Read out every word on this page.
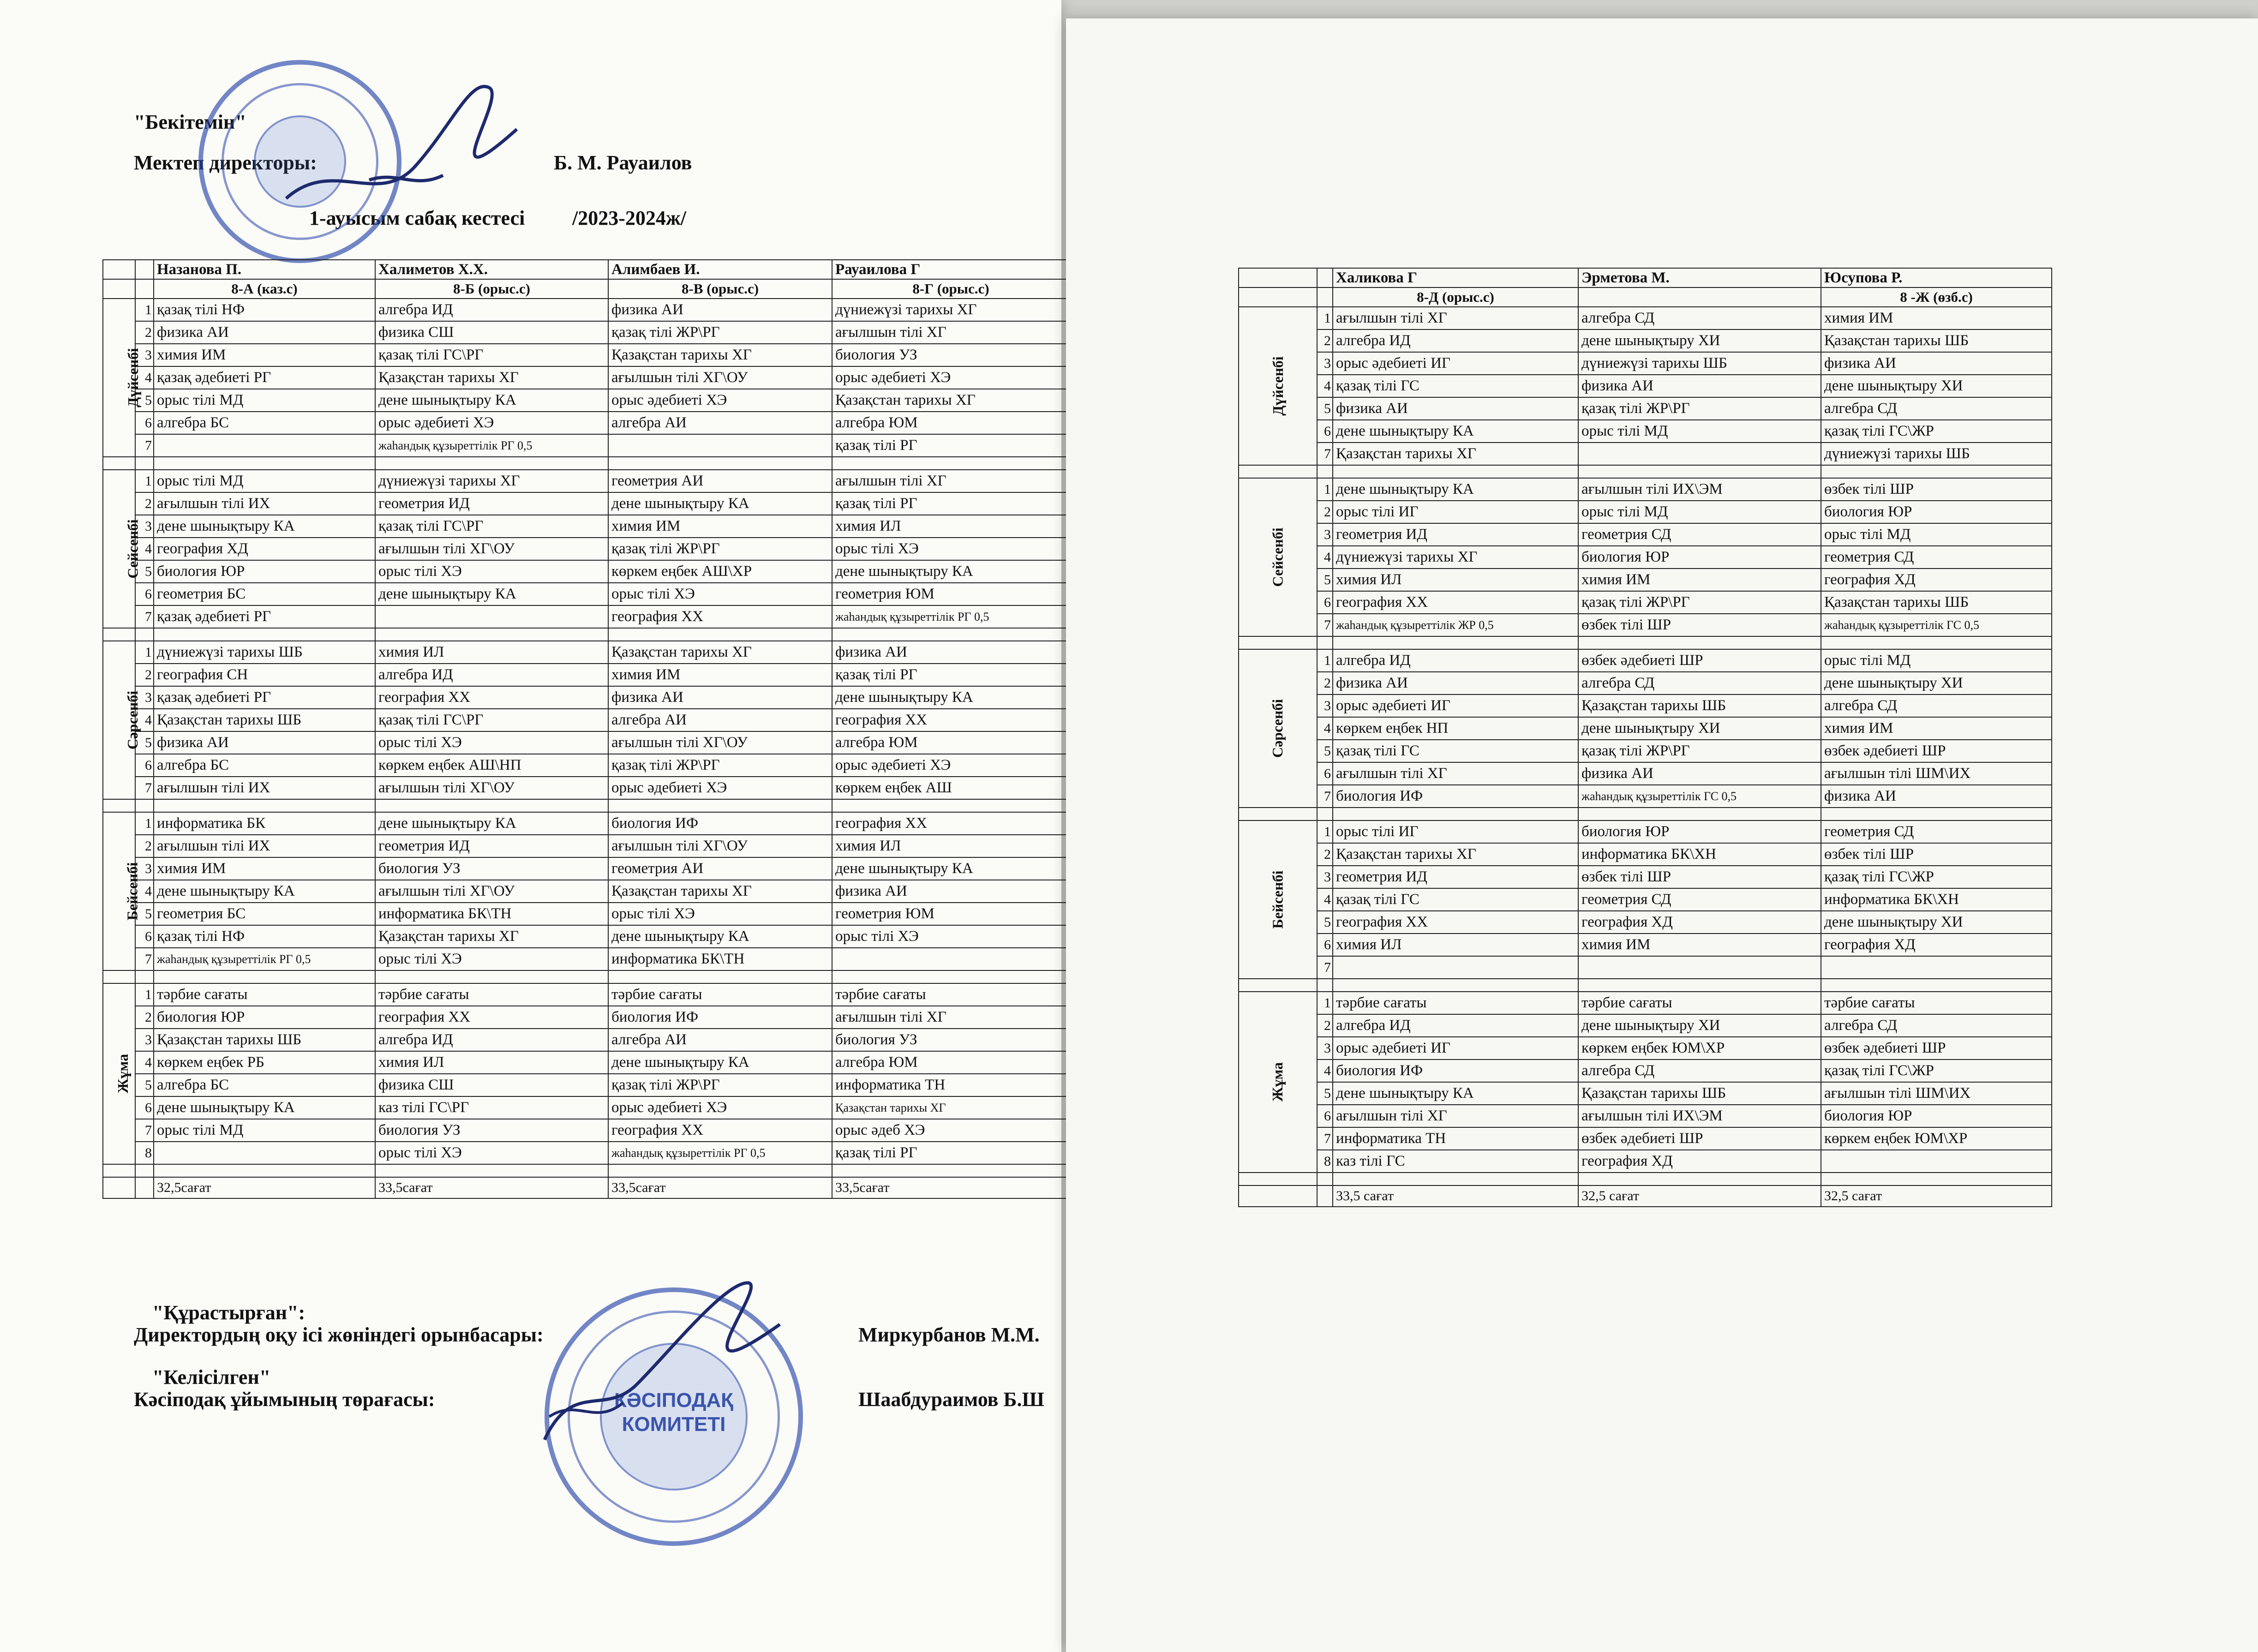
"Бекітемін"
Мектеп директоры:	Б. М. Рауаилов
1-ауысым сабақ кестесі /2023-2024ж/
		Назанова П.	Халиметов Х.Х.	Алимбаев И.	Рауаилова Г
		8-А (каз.с)	8-Б (орыс.с)	8-В (орыс.с)	8-Г (орыс.с)
Дүйсенбі	1	қазақ тілі НФ	алгебра ИД	физика АИ	дүниежүзі тарихы ХГ
	2	физика АИ	физика СШ	қазақ тілі ЖР\РГ	ағылшын тілі ХГ
	3	химия ИМ	қазақ тілі ГС\РГ	Қазақстан тарихы ХГ	биология УЗ
	4	қазақ әдебиеті РГ	Қазақстан тарихы ХГ	ағылшын тілі ХГ\ОУ	орыс әдебиеті ХЭ
	5	орыс тілі МД	дене шынықтыру КА	орыс әдебиеті ХЭ	Қазақстан тарихы ХГ
	6	алгебра БС	орыс әдебиеті ХЭ	алгебра АИ	алгебра ЮМ
	7		жаһандық құзыреттілік РГ 0,5		қазақ тілі РГ

Сейсенбі	1	орыс тілі МД	дүниежүзі тарихы ХГ	геометрия АИ	ағылшын тілі ХГ
	2	ағылшын тілі ИХ	геометрия ИД	дене шынықтыру КА	қазақ тілі РГ
	3	дене шынықтыру КА	қазақ тілі ГС\РГ	химия ИМ	химия ИЛ
	4	география ХД	ағылшын тілі ХГ\ОУ	қазақ тілі ЖР\РГ	орыс тілі ХЭ
	5	биология ЮР	орыс тілі ХЭ	көркем еңбек АШ\ХР	дене шынықтыру КА
	6	геометрия БС	дене шынықтыру КА	орыс тілі ХЭ	геометрия ЮМ
	7	қазақ әдебиеті РГ		география ХХ	жаһандық құзыреттілік РГ 0,5

Сәрсенбі	1	дүниежүзі тарихы ШБ	химия ИЛ	Қазақстан тарихы ХГ	физика АИ
	2	география СН	алгебра ИД	химия ИМ	қазақ тілі РГ
	3	қазақ әдебиеті РГ	география ХХ	физика АИ	дене шынықтыру КА
	4	Қазақстан тарихы ШБ	қазақ тілі ГС\РГ	алгебра АИ	география ХХ
	5	физика АИ	орыс тілі ХЭ	ағылшын тілі ХГ\ОУ	алгебра ЮМ
	6	алгебра БС	көркем еңбек АШ\НП	қазақ тілі ЖР\РГ	орыс әдебиеті ХЭ
	7	ағылшын тілі ИХ	ағылшын тілі ХГ\ОУ	орыс әдебиеті ХЭ	көркем еңбек АШ

Бейсенбі	1	информатика БК	дене шынықтыру КА	биология ИФ	география ХХ
	2	ағылшын тілі ИХ	геометрия ИД	ағылшын тілі ХГ\ОУ	химия ИЛ
	3	химия ИМ	биология УЗ	геометрия АИ	дене шынықтыру КА
	4	дене шынықтыру КА	ағылшын тілі ХГ\ОУ	Қазақстан тарихы ХГ	физика АИ
	5	геометрия БС	информатика БК\ТН	орыс тілі ХЭ	геометрия ЮМ
	6	қазақ тілі НФ	Қазақстан тарихы ХГ	дене шынықтыру КА	орыс тілі ХЭ
	7	жаһандық құзыреттілік РГ 0,5	орыс тілі ХЭ	информатика БК\ТН	

Жұма	1	тәрбие сағаты	тәрбие сағаты	тәрбие сағаты	тәрбие сағаты
	2	биология ЮР	география ХХ	биология ИФ	ағылшын тілі ХГ
	3	Қазақстан тарихы ШБ	алгебра ИД	алгебра АИ	биология УЗ
	4	көркем еңбек РБ	химия ИЛ	дене шынықтыру КА	алгебра ЮМ
	5	алгебра БС	физика СШ	қазақ тілі ЖР\РГ	информатика ТН
	6	дене шынықтыру КА	каз тілі ГС\РГ	орыс әдебиеті ХЭ	Қазақстан тарихы ХГ
	7	орыс тілі МД	биология УЗ	география ХХ	орыс әдеб ХЭ
	8		орыс тілі ХЭ	жаһандық құзыреттілік РГ 0,5	қазақ тілі РГ

		32,5сағат	33,5сағат	33,5сағат	33,5сағат
"Құрастырған":
Директордың оқу ісі жөніндегі орынбасары:	Миркурбанов М.М.
"Келісілген"
Кәсіподақ ұйымының төрағасы:	Шаабдураимов Б.Ш
КӘСІПОДАҚ
КОМИТЕТІ
		Халикова Г	Эрметова М.	Юсупова Р.
		8-Д (орыс.с)		8 -Ж (өзб.с)
Дүйсенбі	1	ағылшын тілі ХГ	алгебра СД	химия ИМ
	2	алгебра ИД	дене шынықтыру ХИ	Қазақстан тарихы ШБ
	3	орыс әдебиеті ИГ	дүниежүзі тарихы ШБ	физика АИ
	4	қазақ тілі ГС	физика АИ	дене шынықтыру ХИ
	5	физика АИ	қазақ тілі ЖР\РГ	алгебра СД
	6	дене шынықтыру КА	орыс тілі МД	қазақ тілі ГС\ЖР
	7	Қазақстан тарихы ХГ		дүниежүзі тарихы ШБ

Сейсенбі	1	дене шынықтыру КА	ағылшын тілі ИХ\ЭМ	өзбек тілі ШР
	2	орыс тілі ИГ	орыс тілі МД	биология ЮР
	3	геометрия ИД	геометрия СД	орыс тілі МД
	4	дүниежүзі тарихы ХГ	биология ЮР	геометрия СД
	5	химия ИЛ	химия ИМ	география ХД
	6	география ХХ	қазақ тілі ЖР\РГ	Қазақстан тарихы ШБ
	7	жаһандық құзыреттілік ЖР 0,5	өзбек тілі ШР	жаһандық құзыреттілік ГС 0,5

Сәрсенбі	1	алгебра ИД	өзбек әдебиеті ШР	орыс тілі МД
	2	физика АИ	алгебра СД	дене шынықтыру ХИ
	3	орыс әдебиеті ИГ	Қазақстан тарихы ШБ	алгебра СД
	4	көркем еңбек НП	дене шынықтыру ХИ	химия ИМ
	5	қазақ тілі ГС	қазақ тілі ЖР\РГ	өзбек әдебиеті ШР
	6	ағылшын тілі ХГ	физика АИ	ағылшын тілі ШМ\ИХ
	7	биология ИФ	жаһандық құзыреттілік ГС 0,5	физика АИ

Бейсенбі	1	орыс тілі ИГ	биология ЮР	геометрия СД
	2	Қазақстан тарихы ХГ	информатика БК\ХН	өзбек тілі ШР
	3	геометрия ИД	өзбек тілі ШР	қазақ тілі ГС\ЖР
	4	қазақ тілі ГС	геометрия СД	информатика БК\ХН
	5	география ХХ	география ХД	дене шынықтыру ХИ
	6	химия ИЛ	химия ИМ	география ХД
	7			

Жұма	1	тәрбие сағаты	тәрбие сағаты	тәрбие сағаты
	2	алгебра ИД	дене шынықтыру ХИ	алгебра СД
	3	орыс әдебиеті ИГ	көркем еңбек ЮМ\ХР	өзбек әдебиеті ШР
	4	биология ИФ	алгебра СД	қазақ тілі ГС\ЖР
	5	дене шынықтыру КА	Қазақстан тарихы ШБ	ағылшын тілі ШМ\ИХ
	6	ағылшын тілі ХГ	ағылшын тілі ИХ\ЭМ	биология ЮР
	7	информатика ТН	өзбек әдебиеті ШР	көркем еңбек ЮМ\ХР
	8	каз тілі ГС	география ХД	

		33,5 сағат	32,5 сағат	32,5 сағат
